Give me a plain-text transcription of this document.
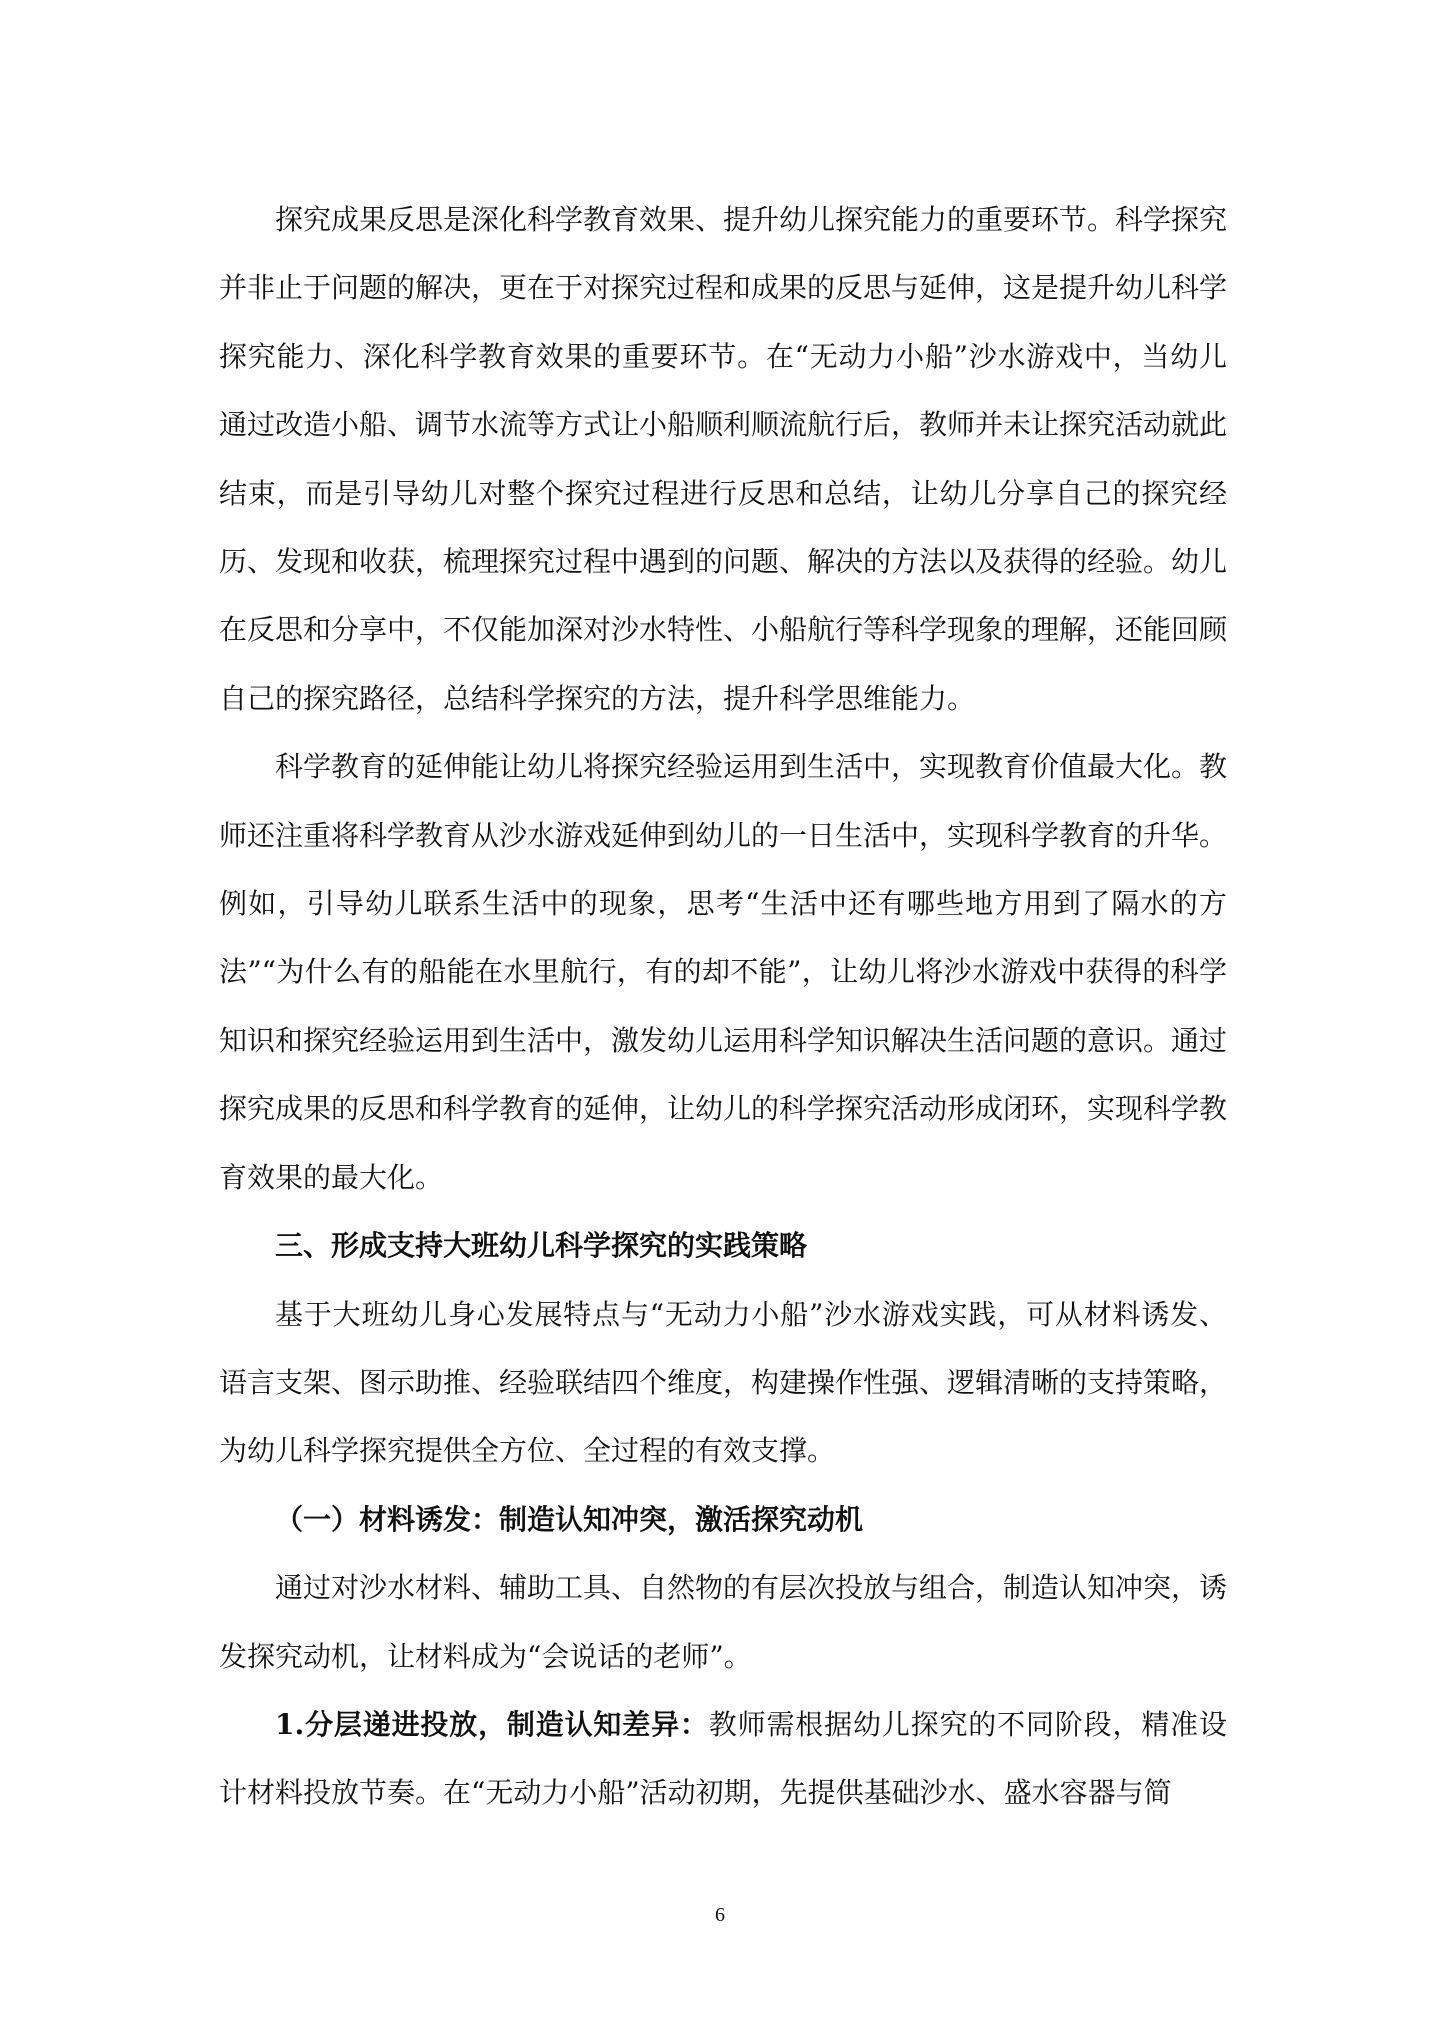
探究成果反思是深化科学教育效果、提升幼儿探究能力的重要环节。科学探究并非止于问题的解决，更在于对探究过程和成果的反思与延伸，这是提升幼儿科学探究能力、深化科学教育效果的重要环节。在“无动力小船”沙水游戏中，当幼儿通过改造小船、调节水流等方式让小船顺利顺流航行后，教师并未让探究活动就此结束，而是引导幼儿对整个探究过程进行反思和总结，让幼儿分享自己的探究经历、发现和收获，梳理探究过程中遇到的问题、解决的方法以及获得的经验。幼儿在反思和分享中，不仅能加深对沙水特性、小船航行等科学现象的理解，还能回顾自己的探究路径，总结科学探究的方法，提升科学思维能力。

科学教育的延伸能让幼儿将探究经验运用到生活中，实现教育价值最大化。教师还注重将科学教育从沙水游戏延伸到幼儿的一日生活中，实现科学教育的升华。例如，引导幼儿联系生活中的现象，思考“生活中还有哪些地方用到了隔水的方法”“为什么有的船能在水里航行，有的却不能”，让幼儿将沙水游戏中获得的科学知识和探究经验运用到生活中，激发幼儿运用科学知识解决生活问题的意识。通过探究成果的反思和科学教育的延伸，让幼儿的科学探究活动形成闭环，实现科学教育效果的最大化。

三、形成支持大班幼儿科学探究的实践策略

基于大班幼儿身心发展特点与“无动力小船”沙水游戏实践，可从材料诱发、语言支架、图示助推、经验联结四个维度，构建操作性强、逻辑清晰的支持策略，为幼儿科学探究提供全方位、全过程的有效支撑。

（一）材料诱发：制造认知冲突，激活探究动机

通过对沙水材料、辅助工具、自然物的有层次投放与组合，制造认知冲突，诱发探究动机，让材料成为“会说话的老师”。

1.分层递进投放，制造认知差异：教师需根据幼儿探究的不同阶段，精准设计材料投放节奏。在“无动力小船”活动初期，先提供基础沙水、盛水容器与简

6
